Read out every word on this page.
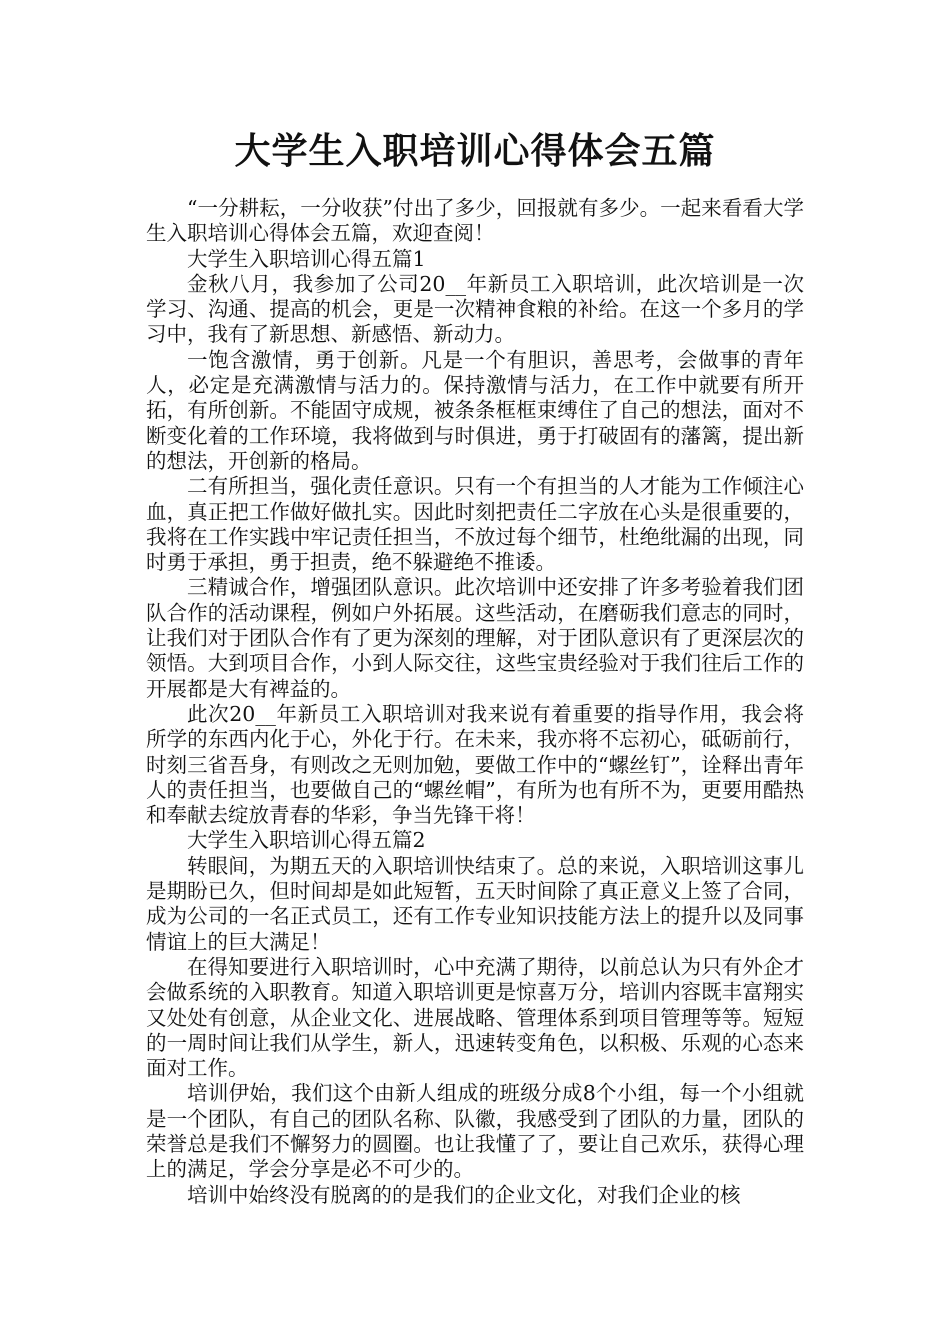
大学生入职培训心得体会五篇

“一分耕耘，一分收获”付出了多少，回报就有多少。一起来看看大学生入职培训心得体会五篇，欢迎查阅！

大学生入职培训心得五篇1

金秋八月，我参加了公司20__年新员工入职培训，此次培训是一次学习、沟通、提高的机会，更是一次精神食粮的补给。在这一个多月的学习中，我有了新思想、新感悟、新动力。

一饱含激情，勇于创新。凡是一个有胆识，善思考，会做事的青年人，必定是充满激情与活力的。保持激情与活力，在工作中就要有所开拓，有所创新。不能固守成规，被条条框框束缚住了自己的想法，面对不断变化着的工作环境，我将做到与时俱进，勇于打破固有的藩篱，提出新的想法，开创新的格局。

二有所担当，强化责任意识。只有一个有担当的人才能为工作倾注心血，真正把工作做好做扎实。因此时刻把责任二字放在心头是很重要的，我将在工作实践中牢记责任担当，不放过每个细节，杜绝纰漏的出现，同时勇于承担，勇于担责，绝不躲避绝不推诿。

三精诚合作，增强团队意识。此次培训中还安排了许多考验着我们团队合作的活动课程，例如户外拓展。这些活动，在磨砺我们意志的同时，让我们对于团队合作有了更为深刻的理解，对于团队意识有了更深层次的领悟。大到项目合作，小到人际交往，这些宝贵经验对于我们往后工作的开展都是大有裨益的。

此次20__年新员工入职培训对我来说有着重要的指导作用，我会将所学的东西内化于心，外化于行。在未来，我亦将不忘初心，砥砺前行，时刻三省吾身，有则改之无则加勉，要做工作中的“螺丝钉”，诠释出青年人的责任担当，也要做自己的“螺丝帽”，有所为也有所不为，更要用酷热和奉献去绽放青春的华彩，争当先锋干将！

大学生入职培训心得五篇2

转眼间，为期五天的入职培训快结束了。总的来说，入职培训这事儿是期盼已久，但时间却是如此短暂，五天时间除了真正意义上签了合同，成为公司的一名正式员工，还有工作专业知识技能方法上的提升以及同事情谊上的巨大满足！

在得知要进行入职培训时，心中充满了期待，以前总认为只有外企才会做系统的入职教育。知道入职培训更是惊喜万分，培训内容既丰富翔实又处处有创意，从企业文化、进展战略、管理体系到项目管理等等。短短的一周时间让我们从学生，新人，迅速转变角色，以积极、乐观的心态来面对工作。

培训伊始，我们这个由新人组成的班级分成8个小组，每一个小组就是一个团队，有自己的团队名称、队徽，我感受到了团队的力量，团队的荣誉总是我们不懈努力的圆圈。也让我懂了了，要让自己欢乐，获得心理上的满足，学会分享是必不可少的。

培训中始终没有脱离的的是我们的企业文化，对我们企业的核
